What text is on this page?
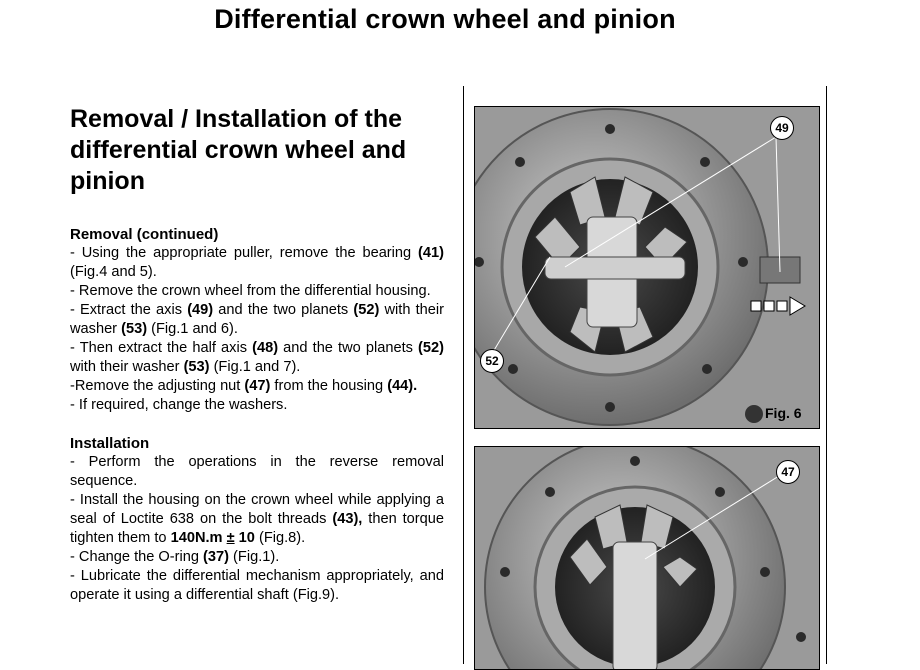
Differential crown wheel and pinion
Removal / Installation of the
differential crown wheel and
pinion

Removal (continued)

- Using the appropriate puller, remove the bearing (41) (Fig.4 and 5).

- Remove the crown wheel from the differential housing.

- Extract the axis (49) and the two planets (52) with their washer (53) (Fig.1 and 6).

- Then extract the half axis (48) and the two planets (52) with their washer (53) (Fig.1 and 7).

-Remove the adjusting nut (47) from the housing (44).

- If required, change the washers.

Installation

- Perform the operations in the reverse removal sequence.

- Install the housing on the crown wheel while applying a seal of Loctite 638 on the bolt threads (43), then torque tighten them to 140N.m ± 10 (Fig.8).

- Change the O-ring (37) (Fig.1).

- Lubricate the differential mechanism appropriately, and operate it using a differential shaft (Fig.9).

49
52
Fig. 6
47
